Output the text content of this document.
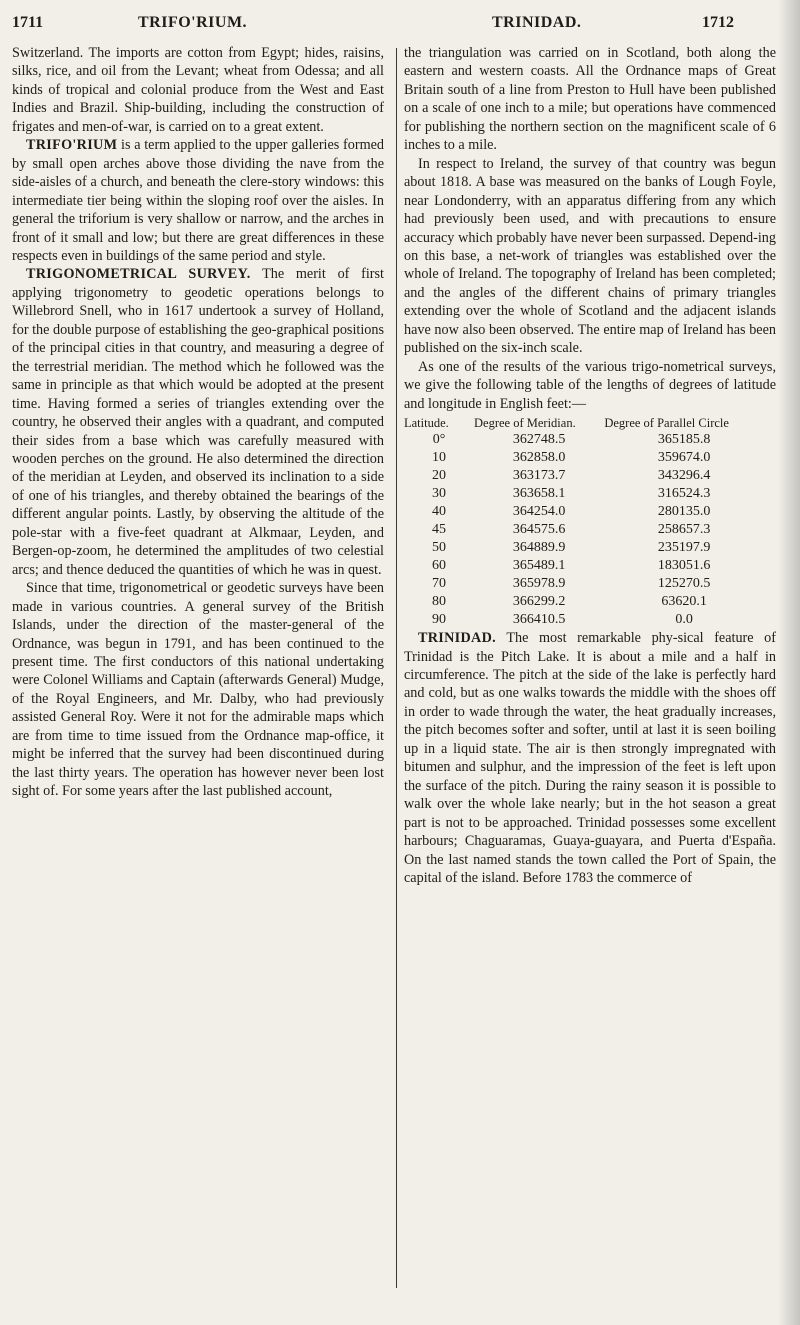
1711	TRIFO'RIUM.	TRINIDAD.	1712

Switzerland. The imports are cotton from Egypt; hides, raisins, silks, rice, and oil from the Levant; wheat from Odessa; and all kinds of tropical and colonial produce from the West and East Indies and Brazil. Ship-building, including the construction of frigates and men-of-war, is carried on to a great extent.

TRIFO'RIUM is a term applied to the upper galleries formed by small open arches above those dividing the nave from the side-aisles of a church, and beneath the clere-story windows: this intermediate tier being within the sloping roof over the aisles. In general the triforium is very shallow or narrow, and the arches in front of it small and low; but there are great differences in these respects even in buildings of the same period and style.

TRIGONOMETRICAL SURVEY. The merit of first applying trigonometry to geodetic operations belongs to Willebrord Snell, who in 1617 undertook a survey of Holland, for the double purpose of establishing the geo-graphical positions of the principal cities in that country, and measuring a degree of the terrestrial meridian. The method which he followed was the same in principle as that which would be adopted at the present time. Having formed a series of triangles extending over the country, he observed their angles with a quadrant, and computed their sides from a base which was carefully measured with wooden perches on the ground. He also determined the direction of the meridian at Leyden, and observed its inclination to a side of one of his triangles, and thereby obtained the bearings of the different angular points. Lastly, by observing the altitude of the pole-star with a five-feet quadrant at Alkmaar, Leyden, and Bergen-op-zoom, he determined the amplitudes of two celestial arcs; and thence deduced the quantities of which he was in quest.

Since that time, trigonometrical or geodetic surveys have been made in various countries. A general survey of the British Islands, under the direction of the master-general of the Ordnance, was begun in 1791, and has been continued to the present time. The first conductors of this national undertaking were Colonel Williams and Captain (afterwards General) Mudge, of the Royal Engineers, and Mr. Dalby, who had previously assisted General Roy. Were it not for the admirable maps which are from time to time issued from the Ordnance map-office, it might be inferred that the survey had been discontinued during the last thirty years. The operation has however never been lost sight of. For some years after the last published account,

the triangulation was carried on in Scotland, both along the eastern and western coasts. All the Ordnance maps of Great Britain south of a line from Preston to Hull have been published on a scale of one inch to a mile; but operations have commenced for publishing the northern section on the magnificent scale of 6 inches to a mile.

In respect to Ireland, the survey of that country was begun about 1818. A base was measured on the banks of Lough Foyle, near Londonderry, with an apparatus differing from any which had previously been used, and with precautions to ensure accuracy which probably have never been surpassed. Depend-ing on this base, a net-work of triangles was established over the whole of Ireland. The topography of Ireland has been completed; and the angles of the different chains of primary triangles extending over the whole of Scotland and the adjacent islands have now also been observed. The entire map of Ireland has been published on the six-inch scale.

As one of the results of the various trigo-nometrical surveys, we give the following table of the lengths of degrees of latitude and longitude in English feet:—

Latitude.	Degree of Meridian.	Degree of Parallel Circle
0°	362748.5	365185.8
10	362858.0	359674.0
20	363173.7	343296.4
30	363658.1	316524.3
40	364254.0	280135.0
45	364575.6	258657.3
50	364889.9	235197.9
60	365489.1	183051.6
70	365978.9	125270.5
80	366299.2	63620.1
90	366410.5	0.0

TRINIDAD. The most remarkable phy-sical feature of Trinidad is the Pitch Lake. It is about a mile and a half in circumference. The pitch at the side of the lake is perfectly hard and cold, but as one walks towards the middle with the shoes off in order to wade through the water, the heat gradually increases, the pitch becomes softer and softer, until at last it is seen boiling up in a liquid state. The air is then strongly impregnated with bitumen and sulphur, and the impression of the feet is left upon the surface of the pitch. During the rainy season it is possible to walk over the whole lake nearly; but in the hot season a great part is not to be approached. Trinidad possesses some excellent harbours; Chaguaramas, Guaya-guayara, and Puerta d'España. On the last named stands the town called the Port of Spain, the capital of the island. Before 1783 the commerce of
